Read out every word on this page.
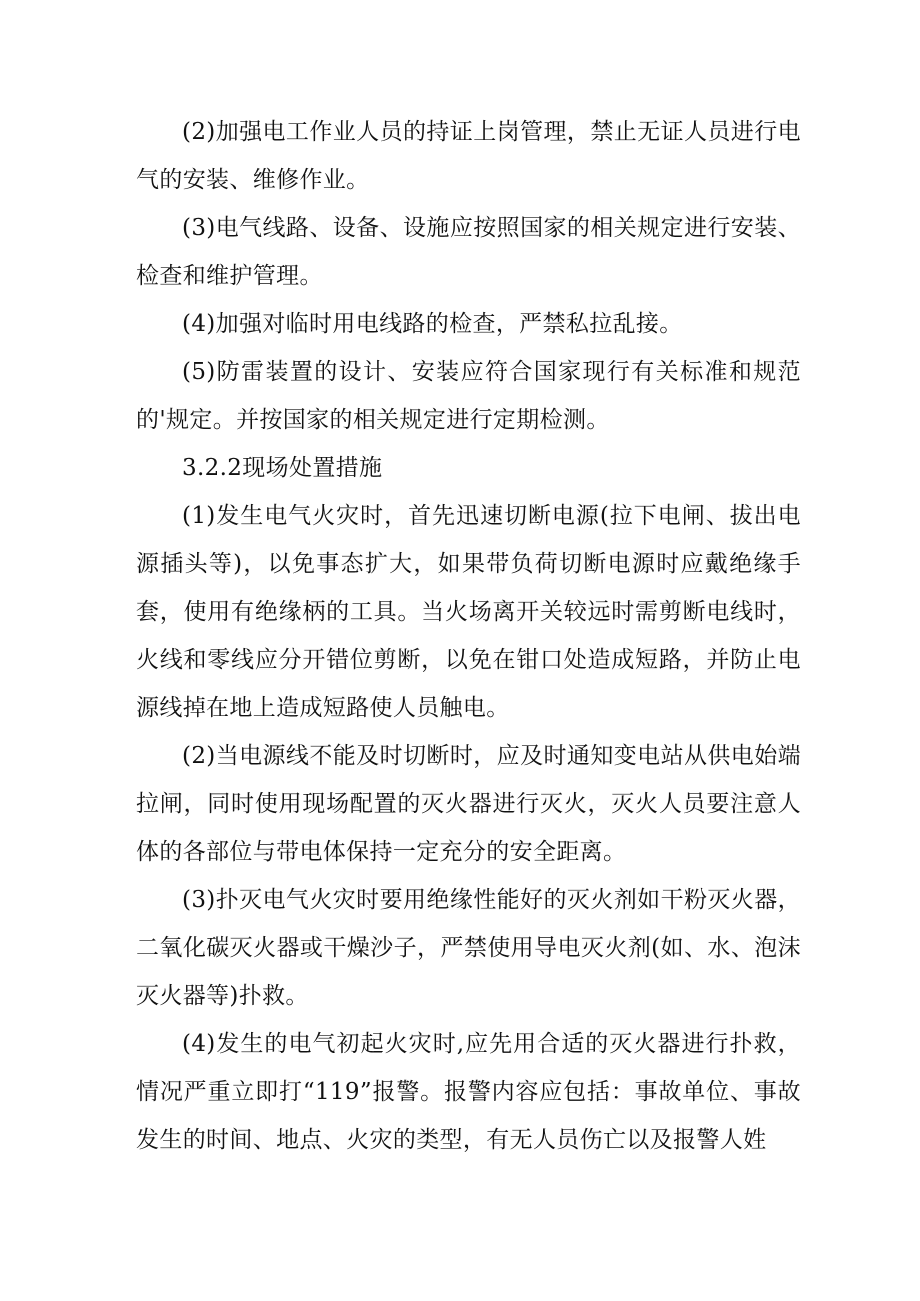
(2)加强电工作业人员的持证上岗管理，禁止无证人员进行电气的安装、维修作业。

(3)电气线路、设备、设施应按照国家的相关规定进行安装、检查和维护管理。

(4)加强对临时用电线路的检查，严禁私拉乱接。

(5)防雷装置的设计、安装应符合国家现行有关标准和规范的'规定。并按国家的相关规定进行定期检测。

3.2.2现场处置措施

(1)发生电气火灾时，首先迅速切断电源(拉下电闸、拔出电源插头等)，以免事态扩大，如果带负荷切断电源时应戴绝缘手套，使用有绝缘柄的工具。当火场离开关较远时需剪断电线时，火线和零线应分开错位剪断，以免在钳口处造成短路，并防止电源线掉在地上造成短路使人员触电。

(2)当电源线不能及时切断时，应及时通知变电站从供电始端拉闸，同时使用现场配置的灭火器进行灭火，灭火人员要注意人体的各部位与带电体保持一定充分的安全距离。

(3)扑灭电气火灾时要用绝缘性能好的灭火剂如干粉灭火器，二氧化碳灭火器或干燥沙子，严禁使用导电灭火剂(如、水、泡沫灭火器等)扑救。

(4)发生的电气初起火灾时,应先用合适的灭火器进行扑救，情况严重立即打“119”报警。报警内容应包括：事故单位、事故发生的时间、地点、火灾的类型，有无人员伤亡以及报警人姓
